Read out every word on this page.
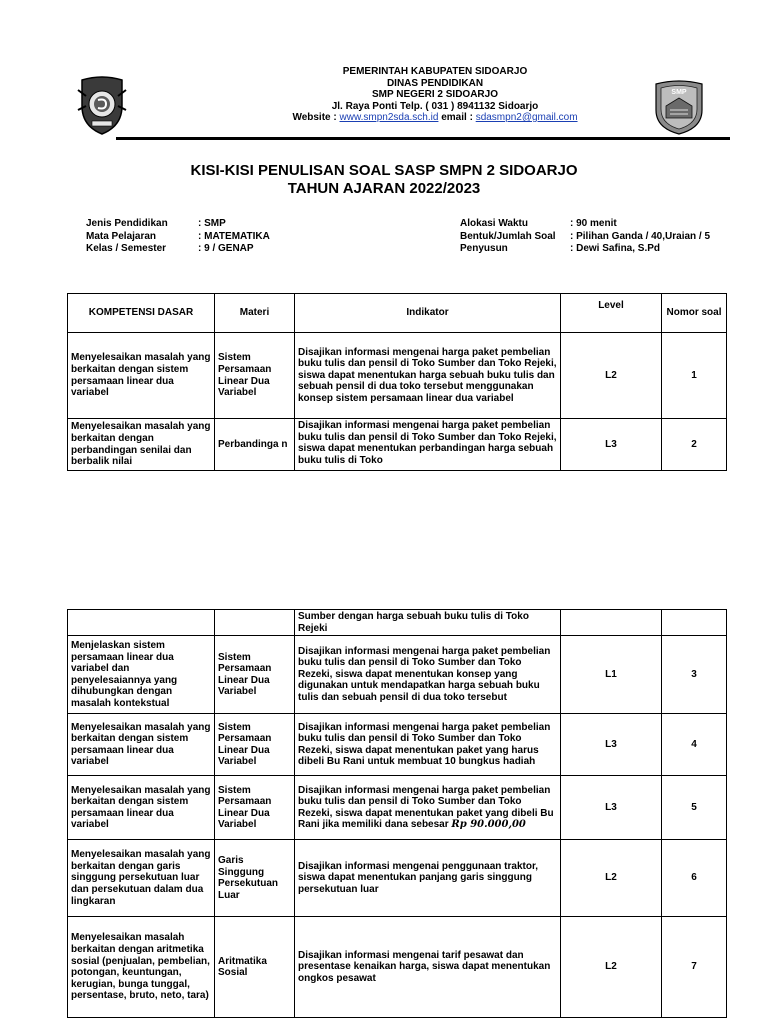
PEMERINTAH KABUPATEN SIDOARJO
DINAS PENDIDIKAN
SMP NEGERI 2 SIDOARJO
Jl. Raya Ponti Telp. ( 031 ) 8941132 Sidoarjo
Website : www.smpn2sda.sch.id email : sdasmpn2@gmail.com
SMP
KISI-KISI PENULISAN SOAL SASP SMPN 2 SIDOARJO
TAHUN AJARAN 2022/2023
Jenis Pendidikan	: SMP
Mata Pelajaran	: MATEMATIKA
Kelas / Semester	: 9 / GENAP
Alokasi Waktu	: 90 menit
Bentuk/Jumlah Soal : Pilihan Ganda / 40,Uraian / 5
Penyusun	: Dewi Safina, S.Pd
KOMPETENSI DASAR	Materi	Indikator	Level	Nomor soal
Menyelesaikan masalah yang berkaitan dengan sistem persamaan linear dua variabel	Sistem Persamaan Linear Dua Variabel	Disajikan informasi mengenai harga paket pembelian buku tulis dan pensil di Toko Sumber dan Toko Rejeki, siswa dapat menentukan harga sebuah buku tulis dan sebuah pensil di dua toko tersebut menggunakan konsep sistem persamaan linear dua variabel	L2	1
Menyelesaikan masalah yang berkaitan dengan perbandingan senilai dan berbalik nilai	Perbandinga n	Disajikan informasi mengenai harga paket pembelian buku tulis dan pensil di Toko Sumber dan Toko Rejeki, siswa dapat menentukan perbandingan harga sebuah buku tulis di Toko	L3	2
		Sumber dengan harga sebuah buku tulis di Toko Rejeki		
Menjelaskan sistem persamaan linear dua variabel dan penyelesaiannya yang dihubungkan dengan masalah kontekstual	Sistem Persamaan Linear Dua Variabel	Disajikan informasi mengenai harga paket pembelian buku tulis dan pensil di Toko Sumber dan Toko Rezeki, siswa dapat menentukan konsep yang digunakan untuk mendapatkan harga sebuah buku tulis dan sebuah pensil di dua toko tersebut	L1	3
Menyelesaikan masalah yang berkaitan dengan sistem persamaan linear dua variabel	Sistem Persamaan Linear Dua Variabel	Disajikan informasi mengenai harga paket pembelian buku tulis dan pensil di Toko Sumber dan Toko Rezeki, siswa dapat menentukan paket yang harus dibeli Bu Rani untuk membuat 10 bungkus hadiah	L3	4
Menyelesaikan masalah yang berkaitan dengan sistem persamaan linear dua variabel	Sistem Persamaan Linear Dua Variabel	Disajikan informasi mengenai harga paket pembelian buku tulis dan pensil di Toko Sumber dan Toko Rezeki, siswa dapat menentukan paket yang dibeli Bu Rani jika memiliki dana sebesar Rp 90.000,00	L3	5
Menyelesaikan masalah yang berkaitan dengan garis singgung persekutuan luar dan persekutuan dalam dua lingkaran	Garis Singgung Persekutuan Luar	Disajikan informasi mengenai penggunaan traktor, siswa dapat menentukan panjang garis singgung persekutuan luar	L2	6
Menyelesaikan masalah berkaitan dengan aritmetika sosial (penjualan, pembelian, potongan, keuntungan, kerugian, bunga tunggal, persentase, bruto, neto, tara)	Aritmatika Sosial	Disajikan informasi mengenai tarif pesawat dan presentase kenaikan harga, siswa dapat menentukan ongkos pesawat	L2	7
